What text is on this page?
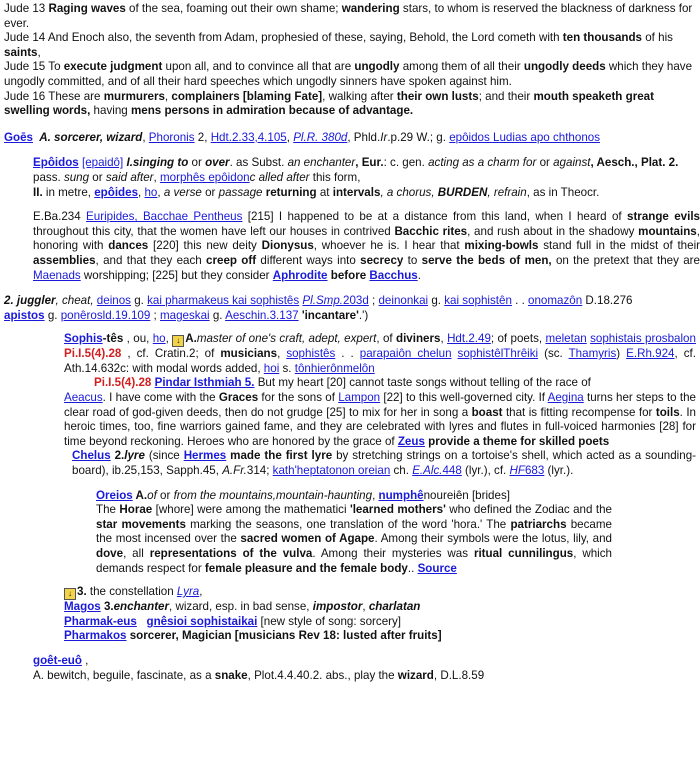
Jude 13 Raging waves of the sea, foaming out their own shame; wandering stars, to whom is reserved the blackness of darkness for ever.

Jude 14 And Enoch also, the seventh from Adam, prophesied of these, saying, Behold, the Lord cometh with ten thousands of his saints,

Jude 15 To execute judgment upon all, and to convince all that are ungodly among them of all their ungodly deeds which they have ungodly committed, and of all their hard speeches which ungodly sinners have spoken against him.

Jude 16 These are murmurers, complainers [blaming Fate], walking after their own lusts; and their mouth speaketh great swelling words, having mens persons in admiration because of advantage.

Goēs A. sorcerer, wizard, Phoronis 2, Hdt.2.33,4.105, Pl.R. 380d, Phld.Ir.p.29 W.; g. epôidos Ludias apo chthonos

Epôidos [epaidô] I.singing to or over. as Subst. an enchanter, Eur.: c. gen. acting as a charm for or against, Aesch., Plat. 2. pass. sung or said after, morphês epôidonc alled after this form,

II. in metre, epôides, ho, a verse or passage returning at intervals, a chorus, BURDEN, refrain, as in Theocr.

E.Ba.234 Euripides, Bacchae Pentheus [215] I happened to be at a distance from this land, when I heard of strange evils throughout this city, that the women have left our houses in contrived Bacchic rites, and rush about in the shadowy mountains, honoring with dances [220] this new deity Dionysus, whoever he is. I hear that mixing-bowls stand full in the midst of their assemblies, and that they each creep off different ways into secrecy to serve the beds of men, on the pretext that they are Maenads worshipping; [225] but they consider Aphrodite before Bacchus.

2. juggler, cheat, deinos g. kai pharmakeus kai sophistês Pl.Smp.203d ; deinonkai g. kai sophistên . . onomazôn D.18.276
apistos g. ponêrosld.19.109 ; mageskai g. Aeschin.3.137 'incantare'.')

Sophis-tês , ou, ho, ↓ A.master of one's craft, adept, expert, of diviners, Hdt.2.49; of poets, meletan sophistais prosbalon Pi.I.5(4).28 , cf. Cratin.2; of musicians, sophistês . . parapaiôn chelun sophistêlThrêiki (sc. Thamyris) E.Rh.924, cf. Ath.14.632c: with modal words added, hoi s. tônhierônmelôn

Pi.I.5(4).28 Pindar Isthmiah 5. But my heart [20] cannot taste songs without telling of the race of

Aeacus. I have come with the Graces for the sons of Lampon [22] to this well-governed city. If Aegina turns her steps to the clear road of god-given deeds, then do not grudge [25] to mix for her in song a boast that is fitting recompense for toils. In heroic times, too, fine warriors gained fame, and they are celebrated with lyres and flutes in full-voiced harmonies [28] for time beyond reckoning. Heroes who are honored by the grace of Zeus provide a theme for skilled poets

Chelus 2.lyre (since Hermes made the first lyre by stretching strings on a tortoise's shell, which acted as a sounding-board), ib.25,153, Sapph.45, A.Fr.314; kath'heptatonon oreian ch. E.Alc.448 (lyr.), cf. HF683 (lyr.).

Oreios A.of or from the mountains,mountain-haunting, numphênoureiên [brides]

The Horae [whore] were among the mathematici 'learned mothers' who defined the Zodiac and the star movements marking the seasons, one translation of the word 'hora.' The patriarchs became the most incensed over the sacred women of Agape. Among their symbols were the lotus, lily, and dove, all representations of the vulva. Among their mysteries was ritual cunnilingus, which demands respect for female pleasure and the female body.. Source

↓ 3. the constellation Lyra,

Magos 3.enchanter, wizard, esp. in bad sense, impostor, charlatan

Pharmak-eus gnêsioi sophistaikai [new style of song: sorcery]

Pharmakos sorcerer, Magician [musicians Rev 18: lusted after fruits]

goêt-euô ,

A. bewitch, beguile, fascinate, as a snake, Plot.4.4.40.2. abs., play the wizard, D.L.8.59
